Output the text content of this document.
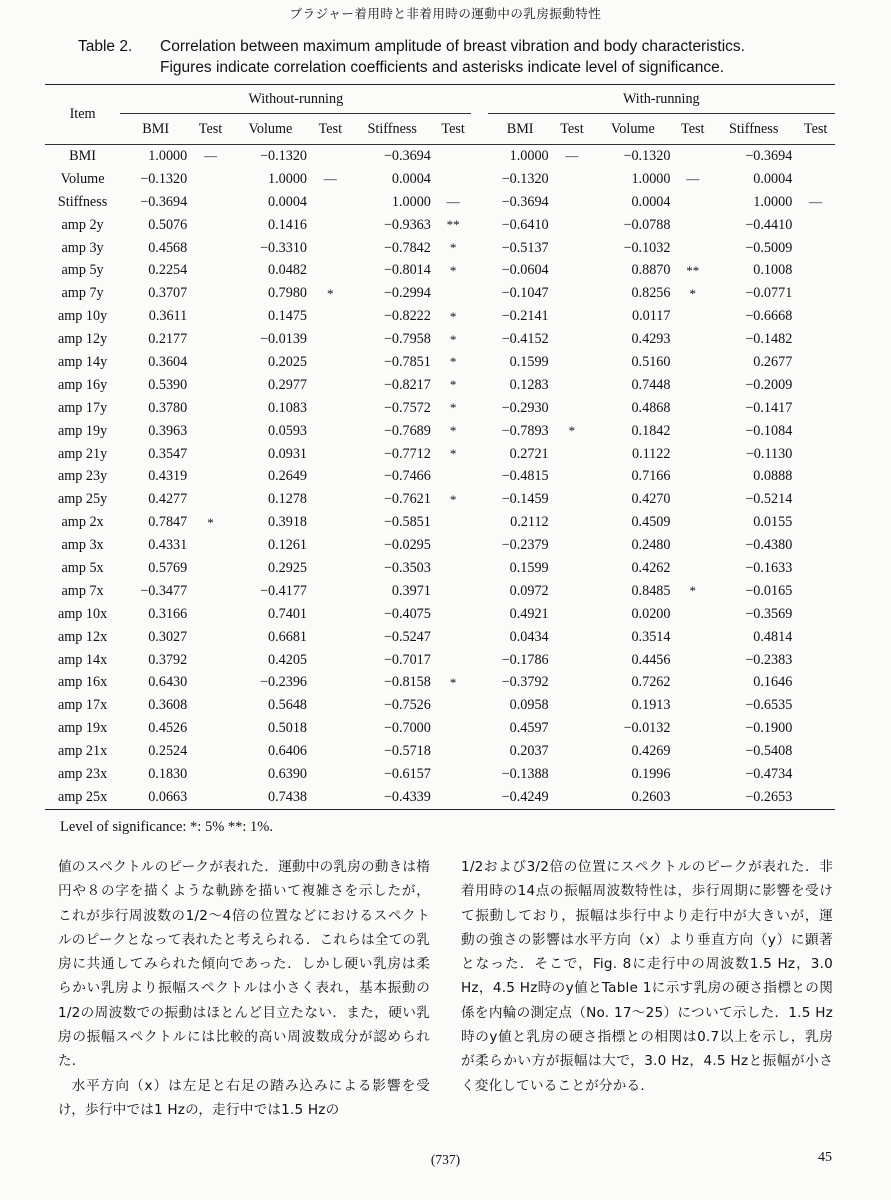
ブラジャー着用時と非着用時の運動中の乳房振動特性
Table 2. Correlation between maximum amplitude of breast vibration and body characteristics.
Figures indicate correlation coefficients and asterisks indicate level of significance.
Item	Without-running							With-running					
	BMI	Test	Volume	Test	Stiffness	Test		BMI	Test	Volume	Test	Stiffness	Test
BMI	1.0000	—	−0.1320		−0.3694			1.0000	—	−0.1320		−0.3694	
Volume	−0.1320		1.0000	—	0.0004			−0.1320		1.0000	—	0.0004	
Stiffness	−0.3694		0.0004		1.0000	—		−0.3694		0.0004		1.0000	—
amp 2y	0.5076		0.1416		−0.9363	**		−0.6410		−0.0788		−0.4410	
amp 3y	0.4568		−0.3310		−0.7842	*		−0.5137		−0.1032		−0.5009	
amp 5y	0.2254		0.0482		−0.8014	*		−0.0604		0.8870	**	0.1008	
amp 7y	0.3707		0.7980	*	−0.2994			−0.1047		0.8256	*	−0.0771	
amp 10y	0.3611		0.1475		−0.8222	*		−0.2141		0.0117		−0.6668	
amp 12y	0.2177		−0.0139		−0.7958	*		−0.4152		0.4293		−0.1482	
amp 14y	0.3604		0.2025		−0.7851	*		0.1599		0.5160		0.2677	
amp 16y	0.5390		0.2977		−0.8217	*		0.1283		0.7448		−0.2009	
amp 17y	0.3780		0.1083		−0.7572	*		−0.2930		0.4868		−0.1417	
amp 19y	0.3963		0.0593		−0.7689	*		−0.7893	*	0.1842		−0.1084	
amp 21y	0.3547		0.0931		−0.7712	*		0.2721		0.1122		−0.1130	
amp 23y	0.4319		0.2649		−0.7466			−0.4815		0.7166		0.0888	
amp 25y	0.4277		0.1278		−0.7621	*		−0.1459		0.4270		−0.5214	
amp 2x	0.7847	*	0.3918		−0.5851			0.2112		0.4509		0.0155	
amp 3x	0.4331		0.1261		−0.0295			−0.2379		0.2480		−0.4380	
amp 5x	0.5769		0.2925		−0.3503			0.1599		0.4262		−0.1633	
amp 7x	−0.3477		−0.4177		0.3971			0.0972		0.8485	*	−0.0165	
amp 10x	0.3166		0.7401		−0.4075			0.4921		0.0200		−0.3569	
amp 12x	0.3027		0.6681		−0.5247			0.0434		0.3514		0.4814	
amp 14x	0.3792		0.4205		−0.7017			−0.1786		0.4456		−0.2383	
amp 16x	0.6430		−0.2396		−0.8158	*		−0.3792		0.7262		0.1646	
amp 17x	0.3608		0.5648		−0.7526			0.0958		0.1913		−0.6535	
amp 19x	0.4526		0.5018		−0.7000			0.4597		−0.0132		−0.1900	
amp 21x	0.2524		0.6406		−0.5718			0.2037		0.4269		−0.5408	
amp 23x	0.1830		0.6390		−0.6157			−0.1388		0.1996		−0.4734	
amp 25x	0.0663		0.7438		−0.4339			−0.4249		0.2603		−0.2653	
Level of significance: *: 5% **: 1%.

値のスペクトルのピークが表れた．運動中の乳房の動きは楕円や８の字を描くような軌跡を描いて複雑さを示したが，これが歩行周波数の1/2〜4倍の位置などにおけるスペクトルのピークとなって表れたと考えられる．これらは全ての乳房に共通してみられた傾向であった．しかし硬い乳房は柔らかい乳房より振幅スペクトルは小さく表れ，基本振動の1/2の周波数での振動はほとんど目立たない．また，硬い乳房の振幅スペクトルには比較的高い周波数成分が認められた．

水平方向（x）は左足と右足の踏み込みによる影響を受け，歩行中では1 Hzの，走行中では1.5 Hzの

1/2および3/2倍の位置にスペクトルのピークが表れた．非着用時の14点の振幅周波数特性は，歩行周期に影響を受けて振動しており，振幅は歩行中より走行中が大きいが，運動の強さの影響は水平方向（x）より垂直方向（y）に顕著となった．そこで，Fig. 8に走行中の周波数1.5 Hz，3.0 Hz，4.5 Hz時のy値とTable 1に示す乳房の硬さ指標との関係を内輪の測定点（No. 17〜25）について示した．1.5 Hz時のy値と乳房の硬さ指標との相関は0.7以上を示し，乳房が柔らかい方が振幅は大で，3.0 Hz，4.5 Hzと振幅が小さく変化していることが分かる．

(737)	45
